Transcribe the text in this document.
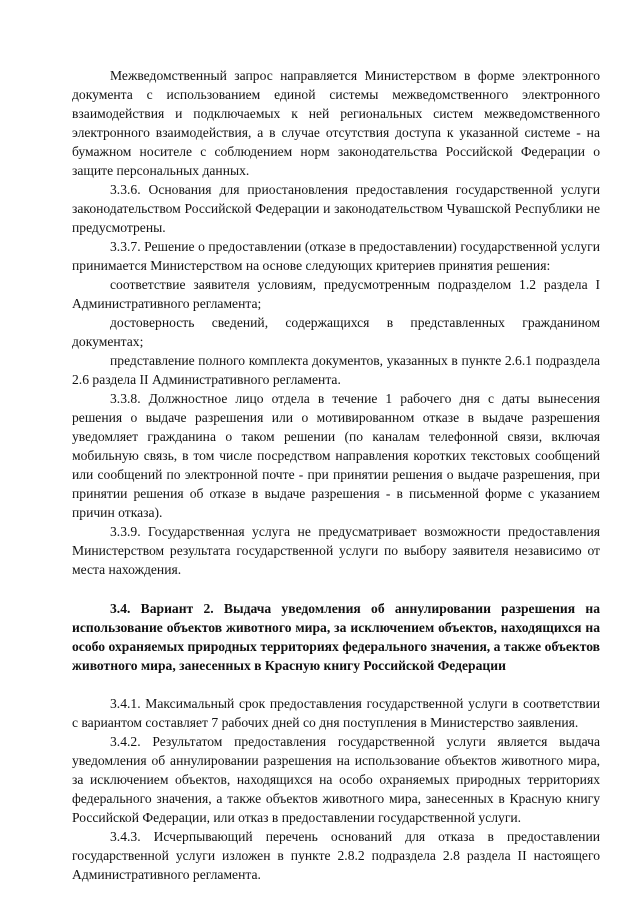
Межведомственный запрос направляется Министерством в форме электронного документа с использованием единой системы межведомственного электронного взаимодействия и подключаемых к ней региональных систем межведомственного электронного взаимодействия, а в случае отсутствия доступа к указанной системе - на бумажном носителе с соблюдением норм законодательства Российской Федерации о защите персональных данных.

3.3.6. Основания для приостановления предоставления государственной услуги законодательством Российской Федерации и законодательством Чувашской Республики не предусмотрены.

3.3.7. Решение о предоставлении (отказе в предоставлении) государственной услуги принимается Министерством на основе следующих критериев принятия решения:

соответствие заявителя условиям, предусмотренным подразделом 1.2 раздела I Административного регламента;

достоверность сведений, содержащихся в представленных гражданином документах;

представление полного комплекта документов, указанных в пункте 2.6.1 подраздела 2.6 раздела II Административного регламента.

3.3.8. Должностное лицо отдела в течение 1 рабочего дня с даты вынесения решения о выдаче разрешения или о мотивированном отказе в выдаче разрешения уведомляет гражданина о таком решении (по каналам телефонной связи, включая мобильную связь, в том числе посредством направления коротких текстовых сообщений или сообщений по электронной почте - при принятии решения о выдаче разрешения, при принятии решения об отказе в выдаче разрешения - в письменной форме с указанием причин отказа).

3.3.9. Государственная услуга не предусматривает возможности предоставления Министерством результата государственной услуги по выбору заявителя независимо от места нахождения.

3.4. Вариант 2. Выдача уведомления об аннулировании разрешения на использование объектов животного мира, за исключением объектов, находящихся на особо охраняемых природных территориях федерального значения, а также объектов животного мира, занесенных в Красную книгу Российской Федерации

3.4.1. Максимальный срок предоставления государственной услуги в соответствии с вариантом составляет 7 рабочих дней со дня поступления в Министерство заявления.

3.4.2. Результатом предоставления государственной услуги является выдача уведомления об аннулировании разрешения на использование объектов животного мира, за исключением объектов, находящихся на особо охраняемых природных территориях федерального значения, а также объектов животного мира, занесенных в Красную книгу Российской Федерации, или отказ в предоставлении государственной услуги.

3.4.3. Исчерпывающий перечень оснований для отказа в предоставлении государственной услуги изложен в пункте 2.8.2 подраздела 2.8 раздела II настоящего Административного регламента.
